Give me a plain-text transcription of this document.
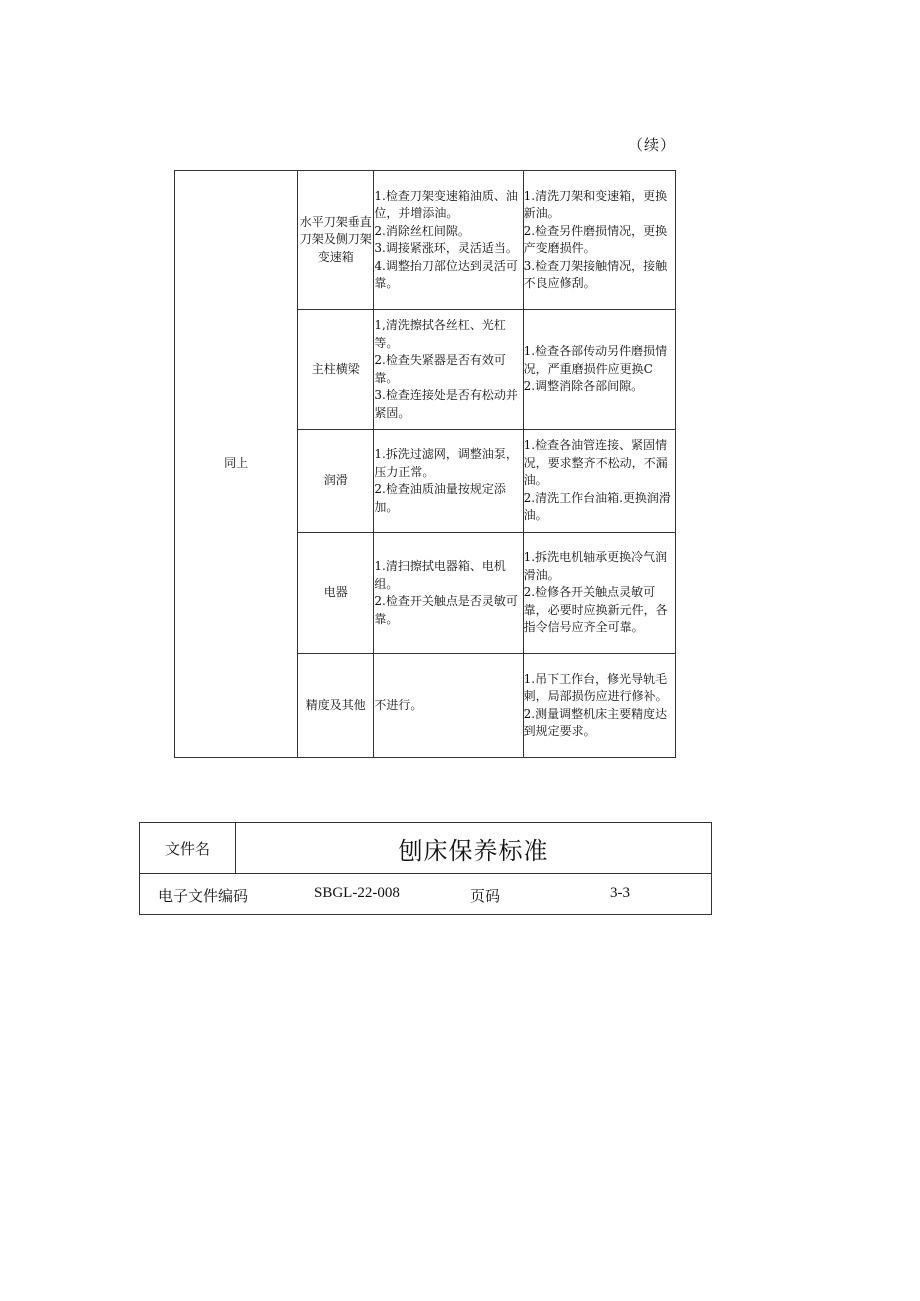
（续）
同上	水平刀架垂直刀架及侧刀架变速箱	1.检查刀架变速箱油质、油位，并增添油。
2.消除丝杠间隙。
3.调接紧涨环，灵活适当。
4.调整抬刀部位达到灵活可靠。	1.清洗刀架和变速箱，更换新油。
2.检查另件磨损情况，更换产变磨损件。
3.检查刀架接触情况，接触不良应修刮。

	主柱横梁	1,清洗擦拭各丝杠、光杠等。
2.检查失紧器是否有效可靠。
3.检查连接处是否有松动并紧固。	1.检查各部传动另件磨损情况，严重磨损件应更换C
2.调整消除各部间隙。

	润滑	1.拆洗过滤网，调整油泵，压力正常。
2.检查油质油量按规定添加。	1.检查各油管连接、紧固情况，要求整齐不松动，不漏油。
2.清洗工作台油箱.更换润滑油。

	电器	1.清扫擦拭电器箱、电机组。
2.检查开关触点是否灵敏可靠。	1.拆洗电机轴承更换冷气润滑油。
2.检修各开关触点灵敏可靠，必要时应换新元件，各指令信号应齐全可靠。

	精度及其他	不进行。	1.吊下工作台，修光导轨毛刺，局部损伤应进行修补。
2.测量调整机床主要精度达到规定要求。
文件名	刨床保养标准

电子文件编码	SBGL-22-008	页码	3-3
